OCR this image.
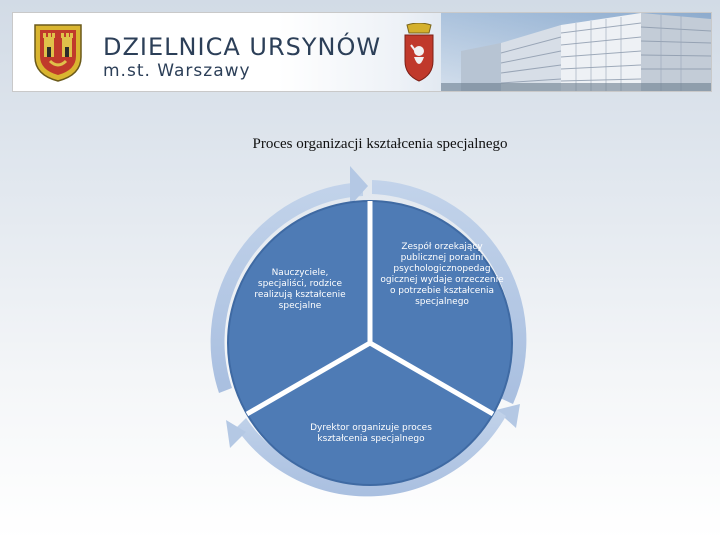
DZIELNICA URSYNÓW
m.st. Warszawy
Proces organizacji kształcenia specjalnego
Nauczyciele, specjaliści, rodzice realizują kształcenie specjalne
Zespół orzekający publicznej poradni psychologicznopedag ogicznej wydaje orzeczenie o potrzebie kształcenia specjalnego
Dyrektor organizuje proces kształcenia specjalnego
